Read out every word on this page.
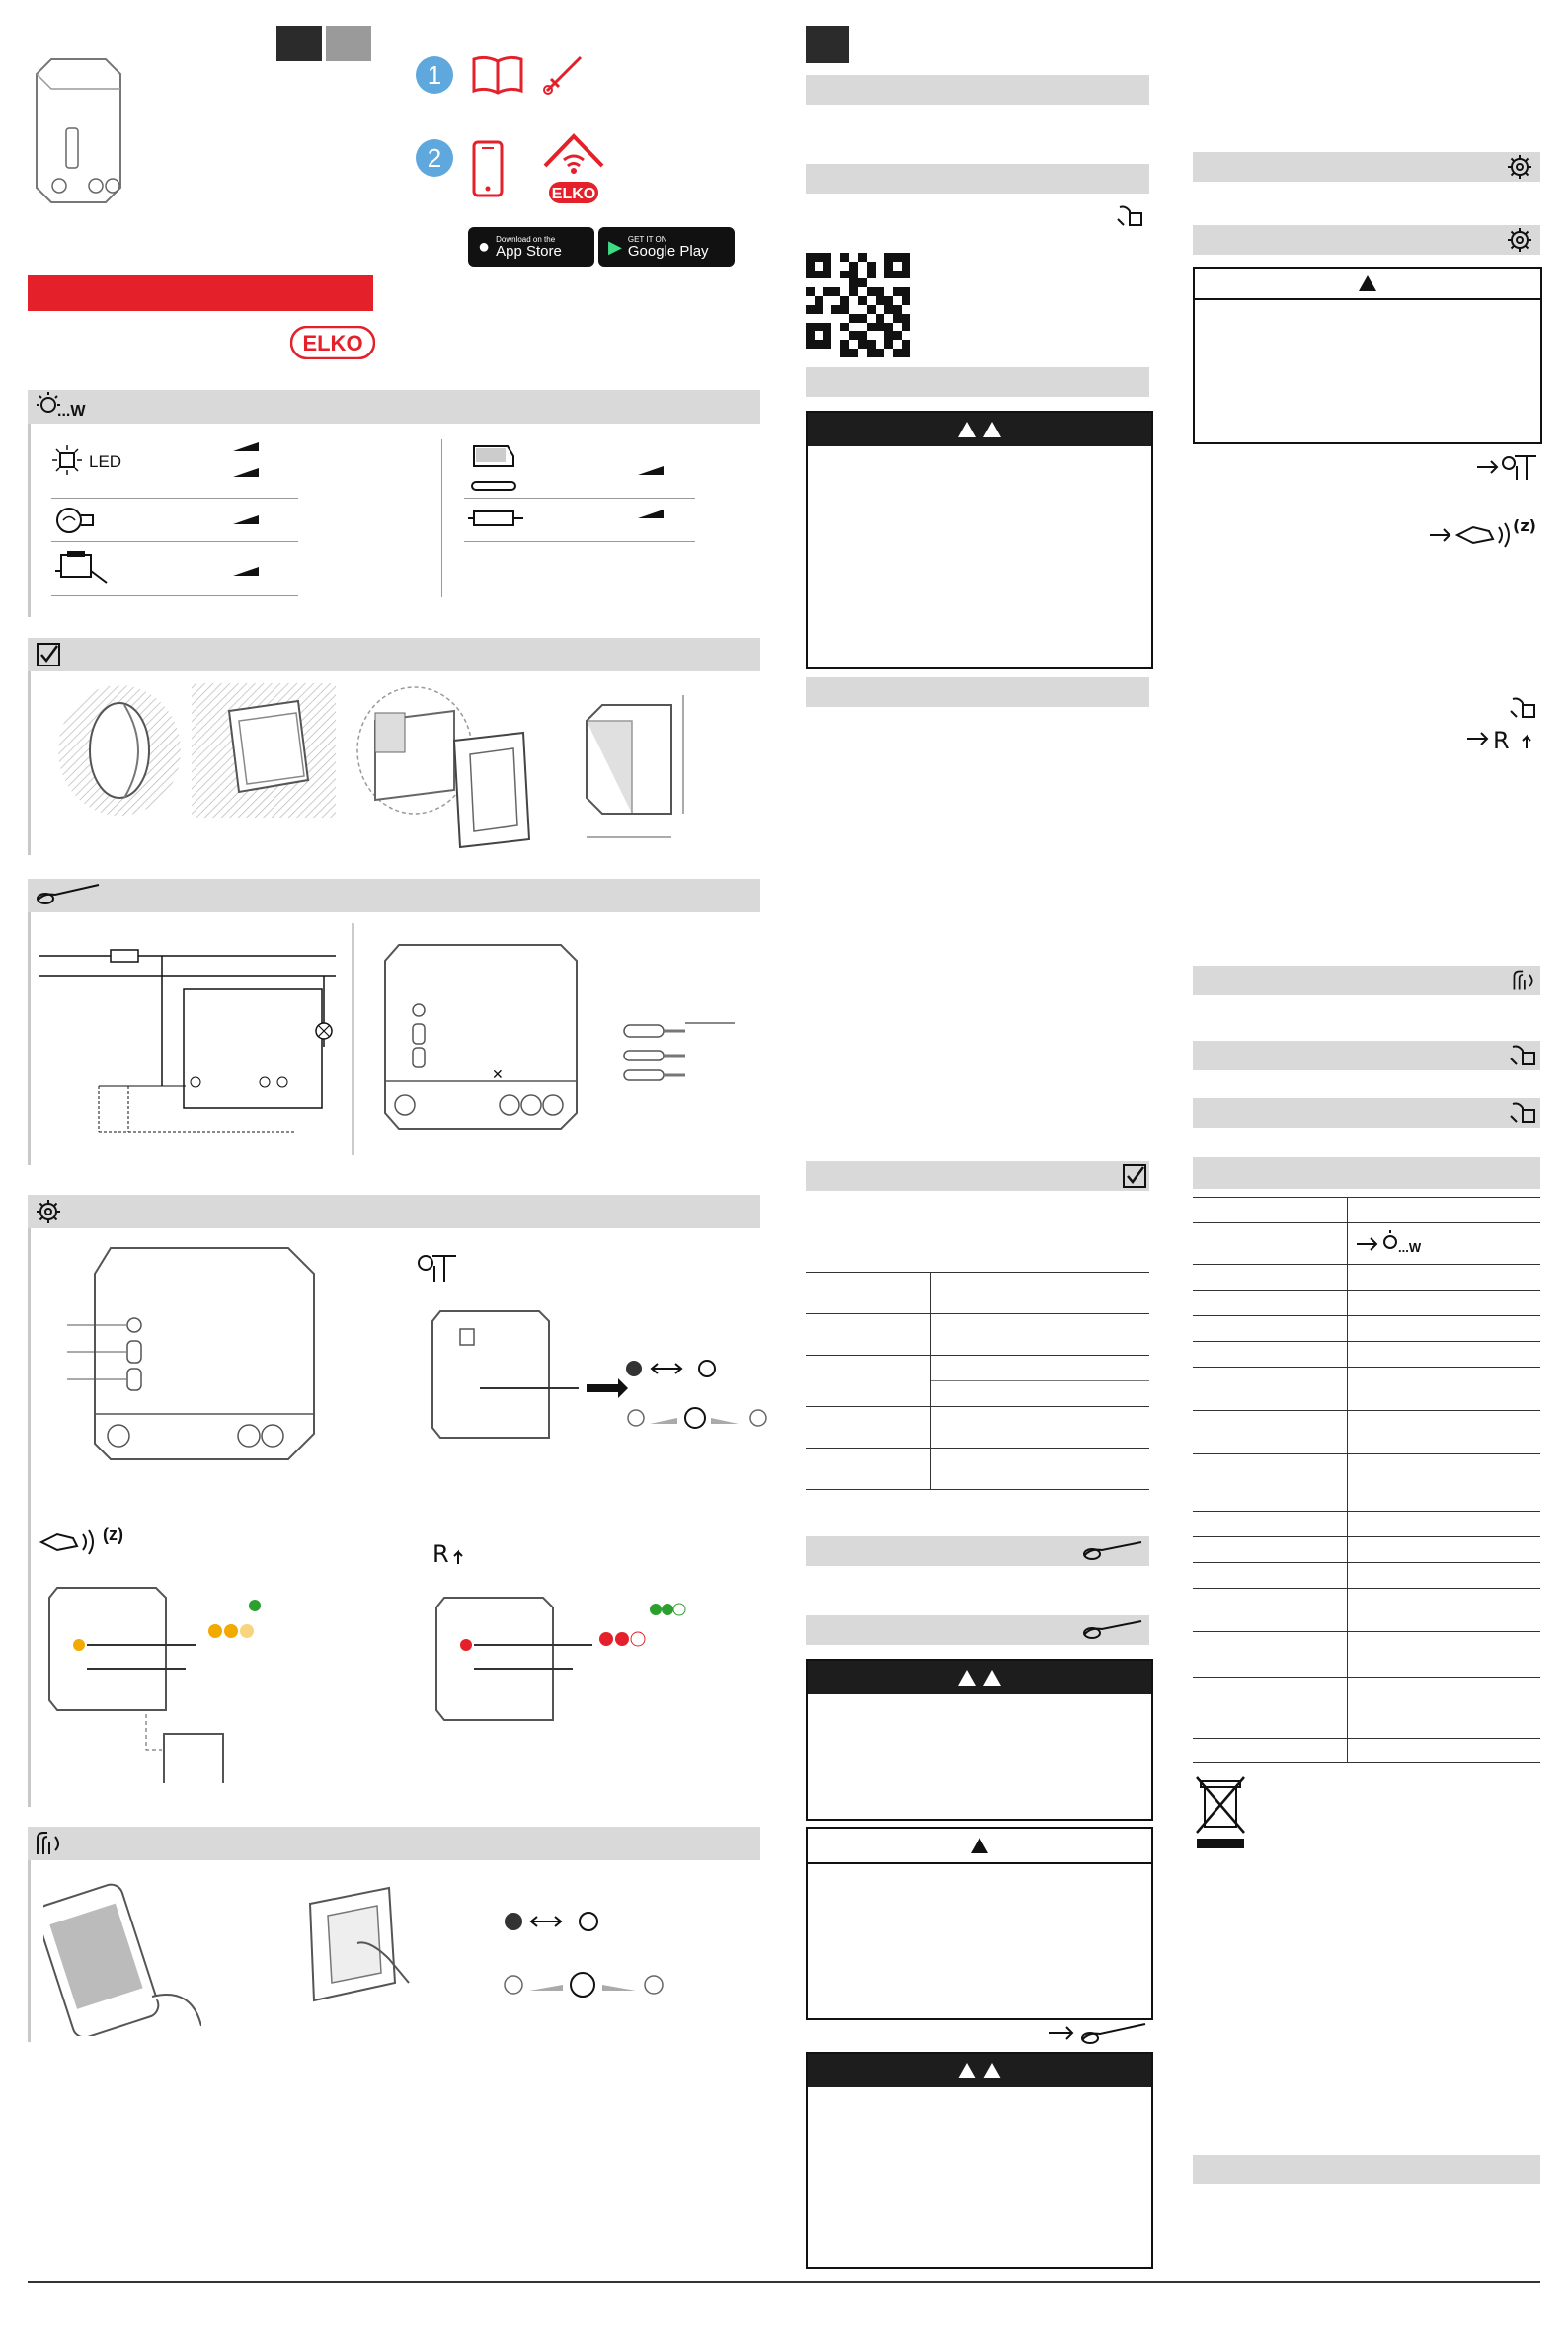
ELKO
1
2
ELKO
● Download on the
App Store	▶ GET IT ON
Google Play
...W
LED
✕
(z)
R
(z)
R
...W
